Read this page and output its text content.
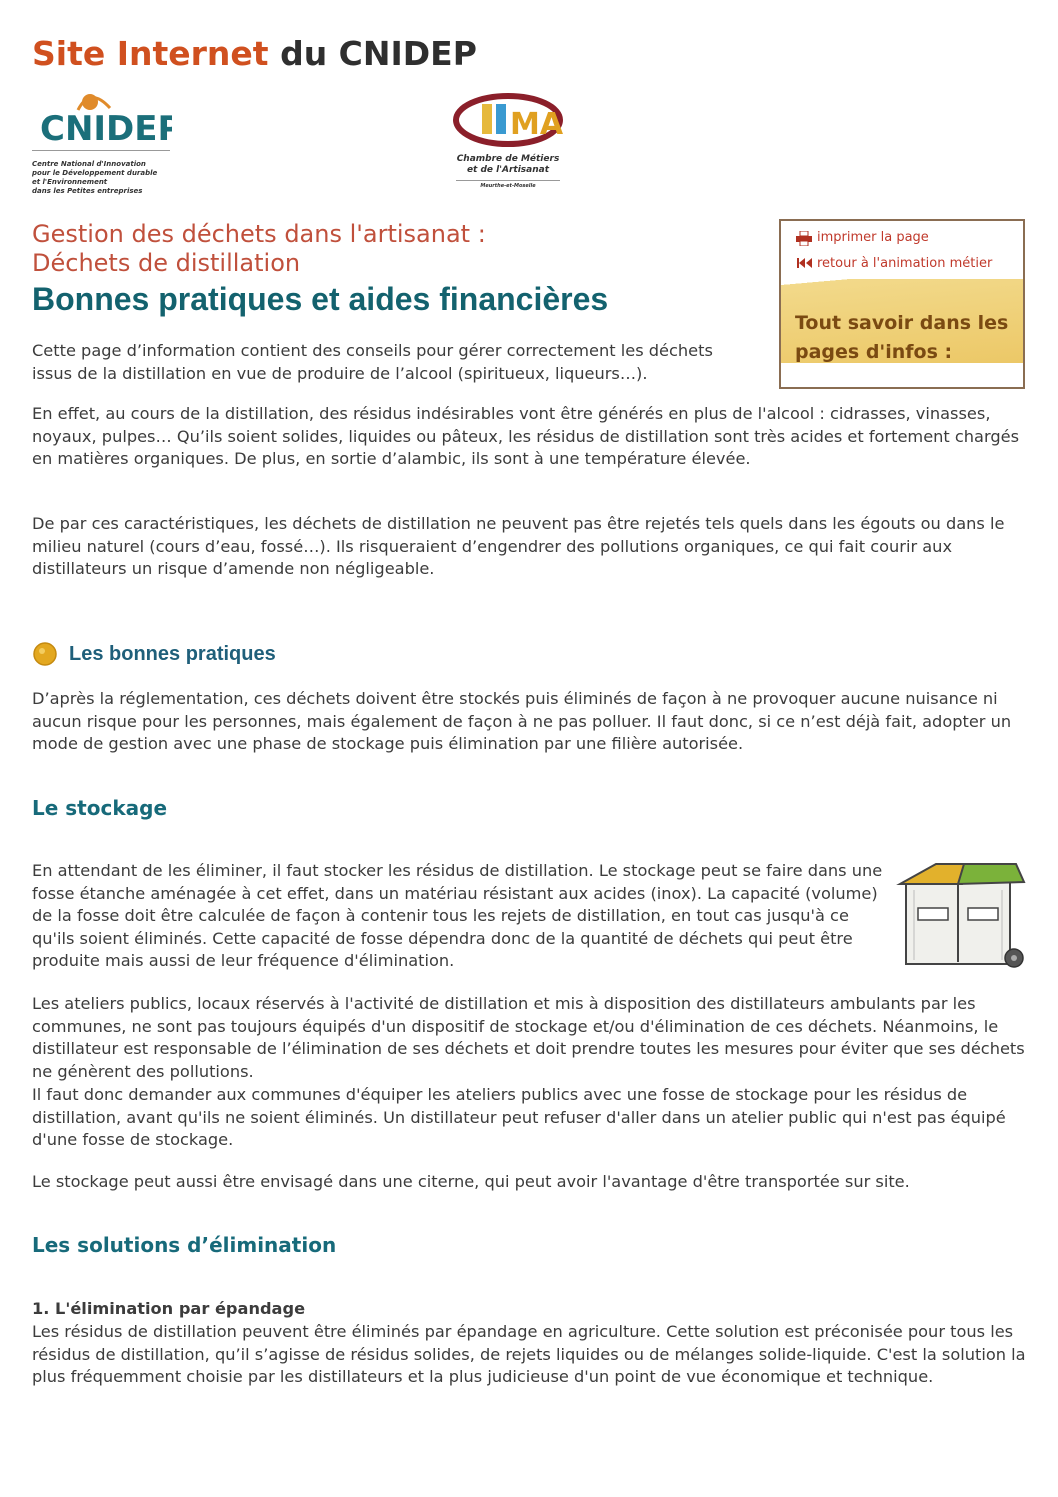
Site Internet du CNIDEP
CNIDEP
Centre National d'Innovation
pour le Développement durable
et l'Environnement
dans les Petites entreprises
MA
Chambre de Métiers
et de l'Artisanat
Meurthe-et-Moselle
Gestion des déchets dans l'artisanat :
Déchets de distillation
Bonnes pratiques et aides financières
imprimer la page
retour à l'animation métier
Tout savoir dans les
pages d'infos :

Cette page d’information contient des conseils pour gérer correctement les déchets issus de la distillation en vue de produire de l’alcool (spiritueux, liqueurs…).

En effet, au cours de la distillation, des résidus indésirables vont être générés en plus de l'alcool : cidrasses, vinasses, noyaux, pulpes… Qu’ils soient solides, liquides ou pâteux, les résidus de distillation sont très acides et fortement chargés en matières organiques. De plus, en sortie d’alambic, ils sont à une température élevée.

De par ces caractéristiques, les déchets de distillation ne peuvent pas être rejetés tels quels dans les égouts ou dans le milieu naturel (cours d’eau, fossé…). Ils risqueraient d’engendrer des pollutions organiques, ce qui fait courir aux distillateurs un risque d’amende non négligeable.

Les bonnes pratiques

D’après la réglementation, ces déchets doivent être stockés puis éliminés de façon à ne provoquer aucune nuisance ni aucun risque pour les personnes, mais également de façon à ne pas polluer. Il faut donc, si ce n’est déjà fait, adopter un mode de gestion avec une phase de stockage puis élimination par une filière autorisée.

Le stockage

En attendant de les éliminer, il faut stocker les résidus de distillation. Le stockage peut se faire dans une fosse étanche aménagée à cet effet, dans un matériau résistant aux acides (inox). La capacité (volume) de la fosse doit être calculée de façon à contenir tous les rejets de distillation, en tout cas jusqu'à ce qu'ils soient éliminés. Cette capacité de fosse dépendra donc de la quantité de déchets qui peut être produite mais aussi de leur fréquence d'élimination.

Les ateliers publics, locaux réservés à l'activité de distillation et mis à disposition des distillateurs ambulants par les communes, ne sont pas toujours équipés d'un dispositif de stockage et/ou d'élimination de ces déchets. Néanmoins, le distillateur est responsable de l’élimination de ses déchets et doit prendre toutes les mesures pour éviter que ses déchets ne génèrent des pollutions.

Il faut donc demander aux communes d'équiper les ateliers publics avec une fosse de stockage pour les résidus de distillation, avant qu'ils ne soient éliminés. Un distillateur peut refuser d'aller dans un atelier public qui n'est pas équipé d'une fosse de stockage.

Le stockage peut aussi être envisagé dans une citerne, qui peut avoir l'avantage d'être transportée sur site.

Les solutions d’élimination

1. L'élimination par épandage

Les résidus de distillation peuvent être éliminés par épandage en agriculture. Cette solution est préconisée pour tous les résidus de distillation, qu’il s’agisse de résidus solides, de rejets liquides ou de mélanges solide-liquide. C'est la solution la plus fréquemment choisie par les distillateurs et la plus judicieuse d'un point de vue économique et technique.
